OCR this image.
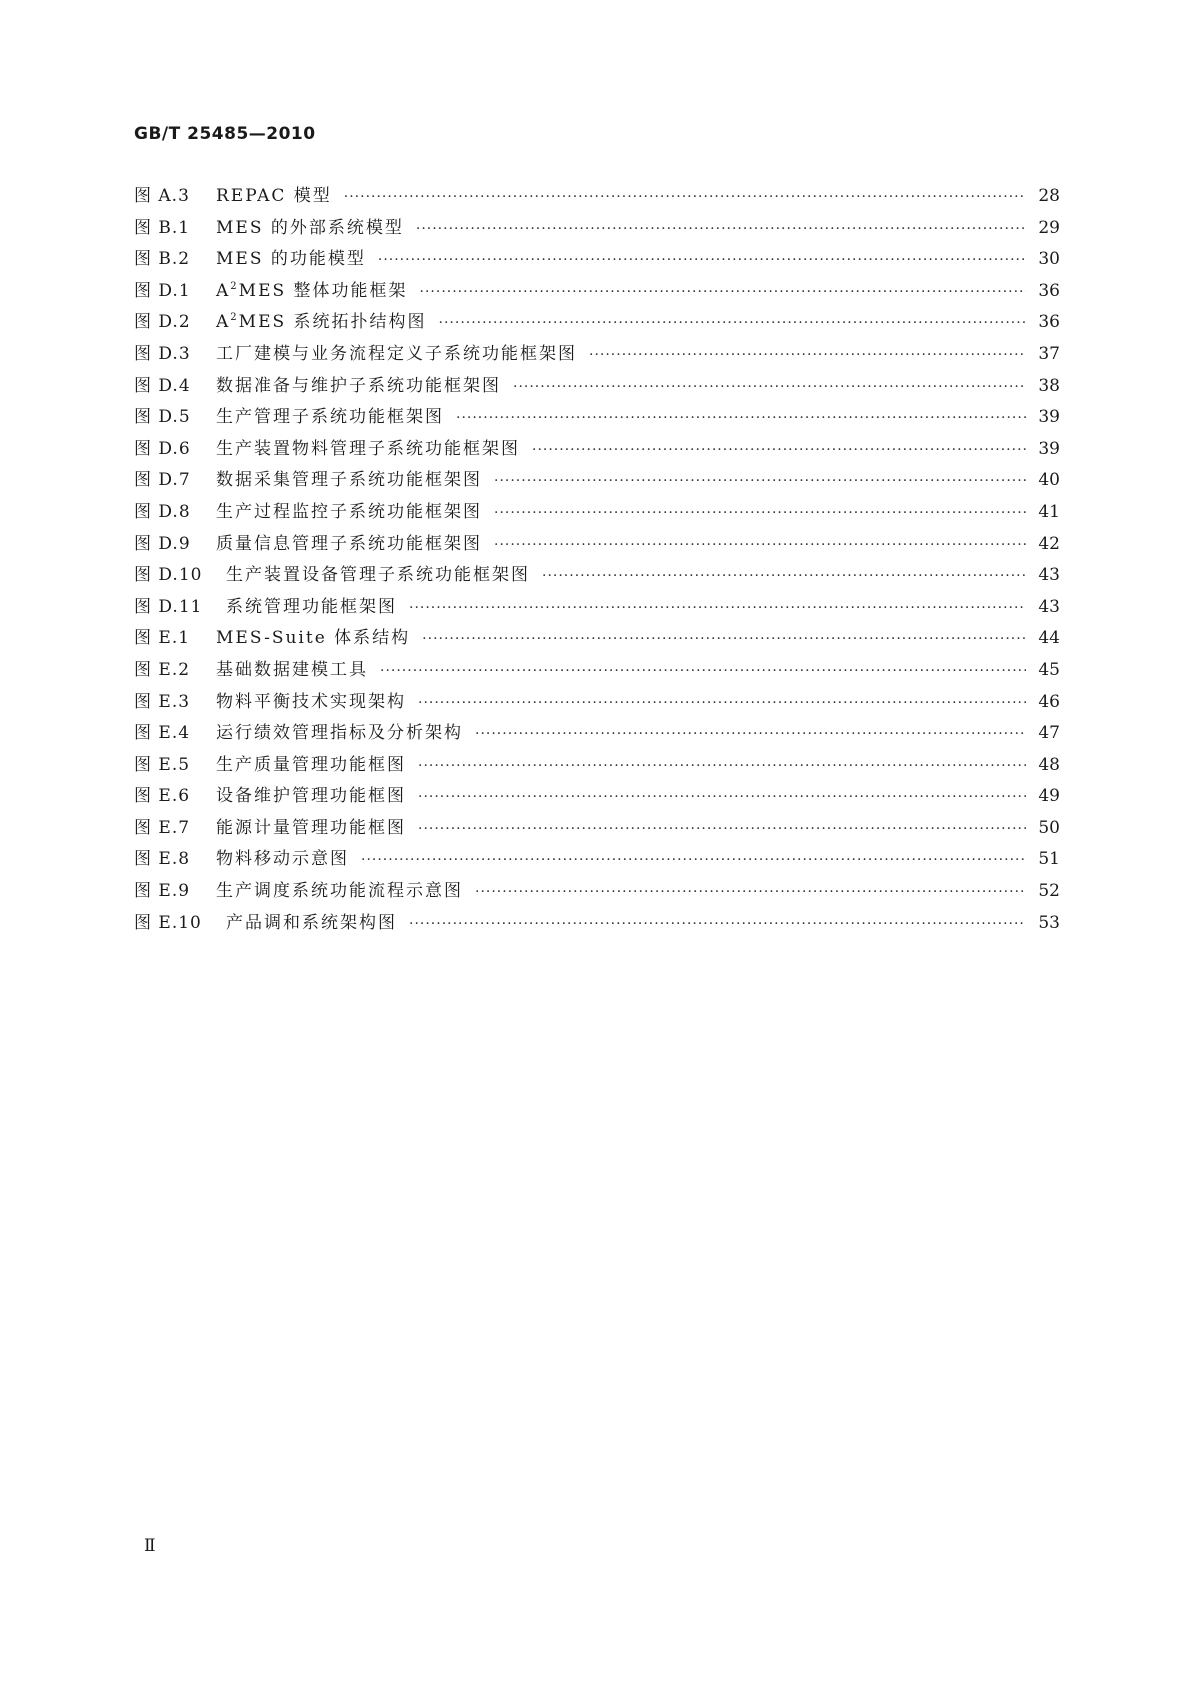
GB/T 25485—2010
图 A.3	REPAC 模型 ·····	28
图 B.1	MES 的外部系统模型 ·····	29
图 B.2	MES 的功能模型 ·····	30
图 D.1	$A^2$ MES 整体功能框架 ·····	36
图 D.2	$A^2$ MES 系统拓扑结构图 ·····	36
图 D.3	工厂建模与业务流程定义子系统功能框架图 ·····	37
图 D.4	数据准备与维护子系统功能框架图 ·····	38
图 D.5	生产管理子系统功能框架图 ·····	39
图 D.6	生产装置物料管理子系统功能框架图 ·····	39
图 D.7	数据采集管理子系统功能框架图 ·····	40
图 D.8	生产过程监控子系统功能框架图 ·····	41
图 D.9	质量信息管理子系统功能框架图 ·····	42
图 D.10	生产装置设备管理子系统功能框架图 ·····	43
图 D.11	系统管理功能框架图 ·····	43
图 E.1	MES-Suite 体系结构 ·····	44
图 E.2	基础数据建模工具 ·····	45
图 E.3	物料平衡技术实现架构 ·····	46
图 E.4	运行绩效管理指标及分析架构 ·····	47
图 E.5	生产质量管理功能框图 ·····	48
图 E.6	设备维护管理功能框图 ·····	49
图 E.7	能源计量管理功能框图 ·····	50
图 E.8	物料移动示意图 ·····	51
图 E.9	生产调度系统功能流程示意图 ·····	52
图 E.10	产品调和系统架构图 ·····	53
Ⅱ
